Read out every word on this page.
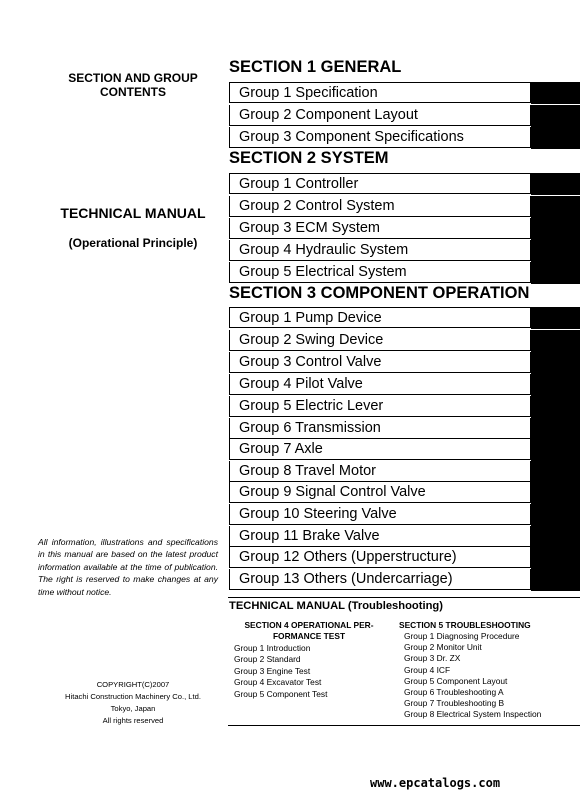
SECTION AND GROUP
CONTENTS
TECHNICAL MANUAL
(Operational Principle)
All information, illustrations and specifications in this manual are based on the latest product information available at the time of publication. The right is reserved to make changes at any time without notice.
COPYRIGHT(C)2007
Hitachi Construction Machinery Co., Ltd.
Tokyo, Japan
All rights reserved
SECTION 1 GENERAL
Group 1 Specification
Group 2 Component Layout
Group 3 Component Specifications
SECTION 2 SYSTEM
Group 1 Controller
Group 2 Control System
Group 3 ECM System
Group 4 Hydraulic System
Group 5 Electrical System
SECTION 3 COMPONENT OPERATION
Group 1 Pump Device
Group 2 Swing Device
Group 3 Control Valve
Group 4 Pilot Valve
Group 5 Electric Lever
Group 6 Transmission
Group 7 Axle
Group 8 Travel Motor
Group 9 Signal Control Valve
Group 10 Steering Valve
Group 11 Brake Valve
Group 12 Others (Upperstructure)
Group 13 Others (Undercarriage)
TECHNICAL MANUAL (Troubleshooting)
SECTION 4 OPERATIONAL PER-
FORMANCE TEST
Group 1 Introduction
Group 2 Standard
Group 3 Engine Test
Group 4 Excavator Test
Group 5 Component Test
SECTION 5 TROUBLESHOOTING
Group 1 Diagnosing Procedure
Group 2 Monitor Unit
Group 3 Dr. ZX
Group 4 ICF
Group 5 Component Layout
Group 6 Troubleshooting A
Group 7 Troubleshooting B
Group 8 Electrical System Inspection
www.epcatalogs.com
